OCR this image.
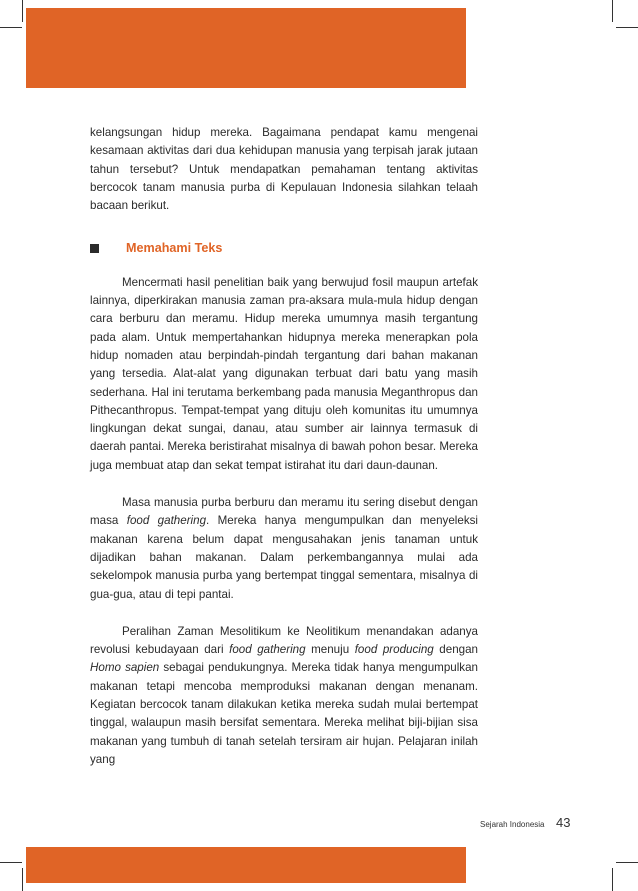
kelangsungan hidup mereka. Bagaimana pendapat kamu mengenai kesamaan aktivitas dari dua kehidupan manusia yang terpisah jarak jutaan tahun tersebut? Untuk mendapatkan pemahaman tentang aktivitas bercocok tanam manusia purba di Kepulauan Indonesia silahkan telaah bacaan berikut.

Memahami Teks

Mencermati hasil penelitian baik yang berwujud fosil maupun artefak lainnya, diperkirakan manusia zaman pra-aksara mula-mula hidup dengan cara berburu dan meramu. Hidup mereka umumnya masih tergantung pada alam. Untuk mempertahankan hidupnya mereka menerapkan pola hidup nomaden atau berpindah-pindah tergantung dari bahan makanan yang tersedia. Alat-alat yang digunakan terbuat dari batu yang masih sederhana. Hal ini terutama berkembang pada manusia Meganthropus dan Pithecanthropus. Tempat-tempat yang dituju oleh komunitas itu umumnya lingkungan dekat sungai, danau, atau sumber air lainnya termasuk di daerah pantai. Mereka beristirahat misalnya di bawah pohon besar. Mereka juga membuat atap dan sekat tempat istirahat itu dari daun-daunan.

Masa manusia purba berburu dan meramu itu sering disebut dengan masa food gathering. Mereka hanya mengumpulkan dan menyeleksi makanan karena belum dapat mengusahakan jenis tanaman untuk dijadikan bahan makanan. Dalam perkembangannya mulai ada sekelompok manusia purba yang bertempat tinggal sementara, misalnya di gua-gua, atau di tepi pantai.

Peralihan Zaman Mesolitikum ke Neolitikum menandakan adanya revolusi kebudayaan dari food gathering menuju food producing dengan Homo sapien sebagai pendukungnya. Mereka tidak hanya mengumpulkan makanan tetapi mencoba memproduksi makanan dengan menanam. Kegiatan bercocok tanam dilakukan ketika mereka sudah mulai bertempat tinggal, walaupun masih bersifat sementara. Mereka melihat biji-bijian sisa makanan yang tumbuh di tanah setelah tersiram air hujan. Pelajaran inilah yang

Sejarah Indonesia 43
